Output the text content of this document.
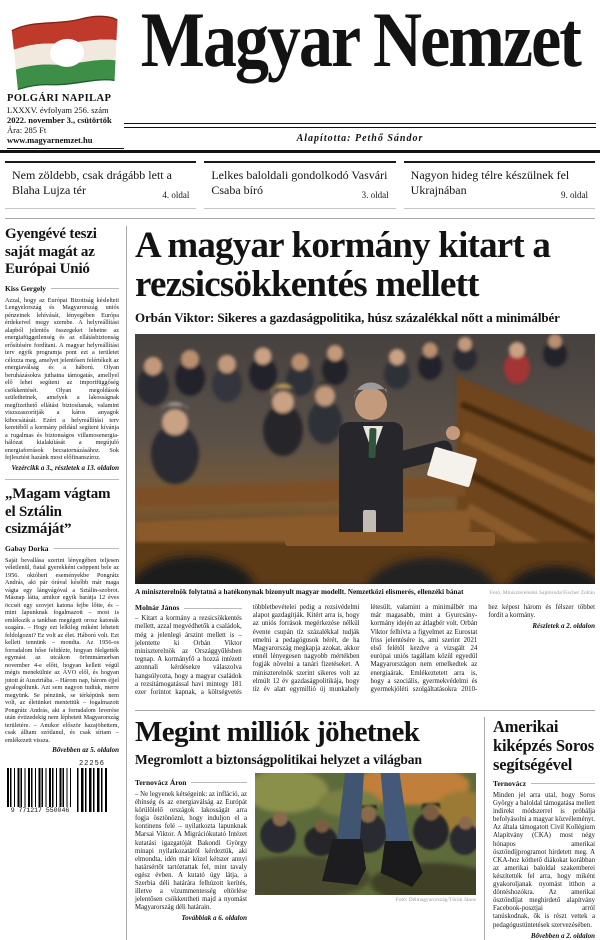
POLGÁRI NAPILAP
LXXXV. évfolyam 256. szám
2022. november 3., csütörtök
Ára: 285 Ft
www.magyarnemzet.hu
Magyar Nemzet
Alapította: Pethő Sándor
Nem zöldebb, csak drágább lett a Blaha Lujza tér	4. oldal
Lelkes baloldali gondolkodó Vasvári Csaba bíró	3. oldal
Nagyon hideg télre készülnek fel Ukrajnában	9. oldal
Gyengévé teszi saját magát az Európai Unió
Kiss Gergely
Azzal, hogy az Európai Bizottság késlelteti Lengyelország és Magyarország uniós pénzeinek lehívását, lényegében Európa érdekeivel megy szembe. A helyreállítási alapból jelentős összegeket lehetne az energiafüggetlenség és az ellátásbiztonság erősítésére fordítani. A magyar helyreállítási terv egyik programja pont ezt a területet célozza meg, amelyet jelentősen felértékelt az energiaválság és a háború. Olyan beruházásokra juthatna támogatás, amellyel elő lehet segíteni az importfüggőség csökkentését. Olyan megoldások születhetnek, amelyek a lakosságnak megfizethető ellátást biztosítanak, valamint viszszaszorítják a káros anyagok kibocsátását. Ezért a helyreállítási terv keretéből a kormány például segíteni kívánja a rugalmas és biztonságos villamosenergia-hálózat kialakítását a megújuló energiaforrások becsatornázásához. Sok fejlesztést hazánk most előfinanszíroz.
Vezércikk a 3., részletek a 13. oldalon
„Magam vágtam el Sztálin csizmáját”
Gabay Dorka
Saját bevallása szerint lényegében teljesen véletlenül, fiatal gyerekként csöppent bele az 1956. októberi eseményekbe Pongrátz András, aki pár órával később már maga vágta egy lángvágóval a Sztálin-szobrot. Másnap látta, amikor egyik barátja 12 éves öccsét egy szovjet katona fejbe lőtte, és – mint lapunknak fogalmazott – most is emlékszik a tankban megégett orosz katonák szagára. – Hogy ezt lelkileg miként lehetett feldolgozni? Ez volt az élet. Háború volt. Ezt kellett tennünk – mondta. Az 1956-os forradalom hőse felidézte, hogyan ölelgették egymást az utcákon örömmámorban november 4-e előtt, hogyan kellett végül mégis menekülnie az ÁVO elől, és hogyan jutott át Ausztriába. – Három nap, három éjjel gyalogoltunk. Azt sem nagyon tudtuk, merre megyünk. Se pénzünk, se térképünk nem volt, az életünket mentettük – fogalmazott Pongrátz András, aki a forradalom leverése után évtizedekig nem léphetett Magyarország területére. – Amikor először hazajöhettem, csak álltam szótlanul, és csak sírtam – emlékezett vissza.
Bővebben az 5. oldalon
22256
9 771217 550046
A magyar kormány kitart a rezsicsökkentés mellett
Orbán Viktor: Sikeres a gazdaságpolitika, húsz százalékkal nőtt a minimálbér
A miniszterelnök folytatná a hatékonynak bizonyult magyar modellt. Nemzetközi elismerés, ellenzéki bánat	Fotó: Miniszterelnöki Sajtóiroda/Fischer Zoltán
Molnár János
– Kitart a kormány a rezsicsökkentés mellett, azzal megvédhetők a családok, még a jelenlegi árszint mellett is – jelentette ki Orbán Viktor miniszterelnök az Országgyűlésben tegnap. A kormányfő a hozzá intézett azonnali kérdésekre válaszolva hangsúlyozta, hogy a magyar családok a rezsitámogatással havi mintegy 181 ezer forintot kapnak, a költségvetés többletbevételei pedig a rezsivédelmi alapot gazdagítják. Kitért arra is, hogy az uniós források megérkezése nélkül évente csupán tíz százalékkal tudják emelni a pedagógusok bérét, de ha Magyarország megkapja azokat, akkor ennél lényegesen nagyobb mértékben fogják növelni a tanári fizetéseket. A miniszterelnök szerint sikeres volt az elmúlt 12 év gazdaságpolitikája, hogy tíz év alatt egymillió új munkahely létesült, valamint a minimálbér ma már magasabb, mint a Gyurcsány-kormány idején az átlagbér volt. Orbán Viktor felhívta a figyelmet az Eurostat friss jelentésére is, ami szerint 2021 első felétől kezdve a vizsgált 24 európai uniós tagállam közül egyedül Magyarországon nem emelkedtek az energiaárak. Emlékeztetett arra is, hogy a szociális, gyermekvédelmi és gyermekjóléti szolgáltatásokra 2010-hez képest három és félszer többet fordít a kormány.
Részletek a 2. oldalon
Megint milliók jöhetnek
Megromlott a biztonságpolitikai helyzet a világban
Ternovácz Áron
– Ne legyenek kétségeink: az infláció, az éhínség és az energiaválság az Európát körülölelő országok lakosságát arra fogja ösztönözni, hogy induljon el a kontinens felé – nyilatkozta lapunknak Marsai Viktor. A Migrációkutató Intézet kutatási igazgatóját Bakondi György minapi nyilatkozatáról kérdeztük, aki elmondta, idén már közel kétszer annyi határsértőt tartóztattak fel, mint tavaly egész évben. A kutató úgy látja, a Szerbia déli határára felhúzott kerítés, illetve a vízummentesség eltörlése jelentősen csökkentheti majd a nyomást Magyarország déli határain.
Továbbiak a 6. oldalon
Fotó: Délmagyarország/Török János
Amerikai kiképzés Soros segítségével
Ternovácz
Minden jel arra utal, hogy Soros György a baloldal támogatása mellett indirekt módszerrel is próbálja befolyásolni a magyar közvéleményt. Az általa támogatott Civil Kollégium Alapítvány (CKA) most négy hónapos amerikai ösztöndíjprogramot hirdetett meg. A CKA-hoz köthető diákokat korábban az amerikai baloldal szakemberei készítették fel arra, hogy miként gyakoroljanak nyomást itthon a döntéshozókra. Az amerikai ösztöndíjat meghirdető alapítvány Facebook-posztjai arról tanúskodnak, ők is részt vettek a pedagógustüntetések szervezésében.
Bővebben a 2. oldalon
